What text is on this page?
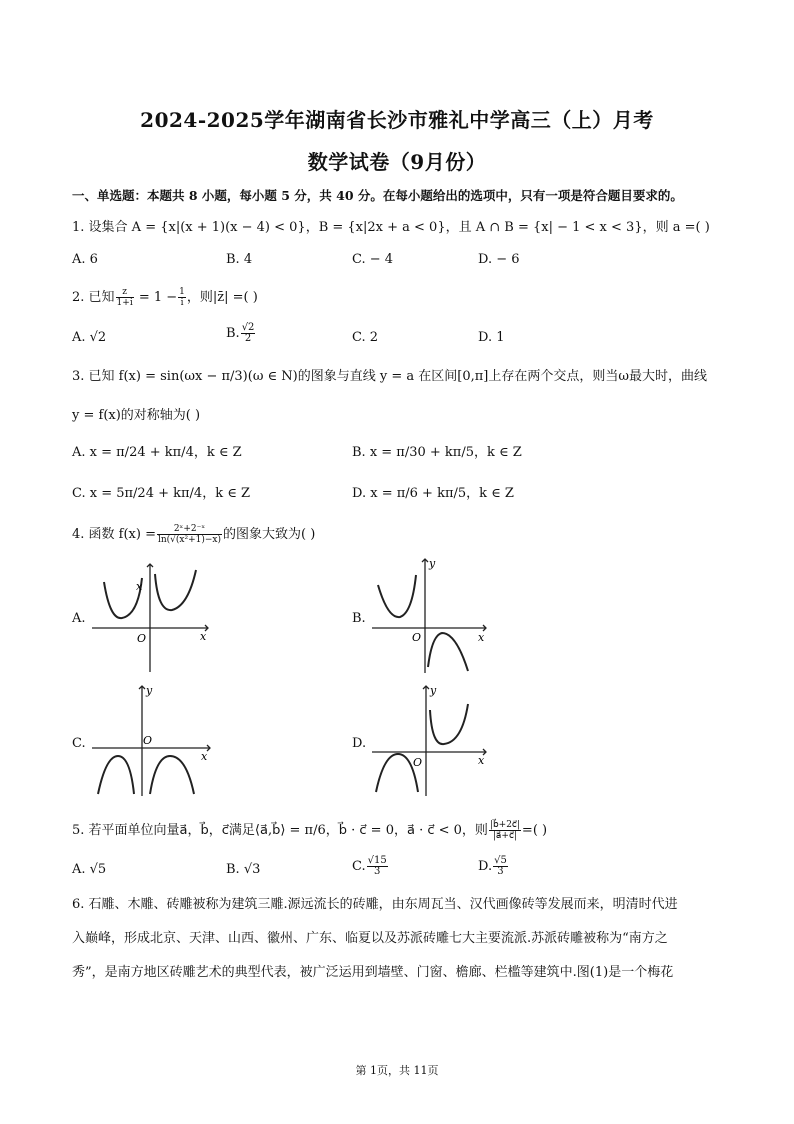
2024-2025学年湖南省长沙市雅礼中学高三（上）月考
数学试卷（9月份）
一、单选题：本题共 8 小题，每小题 5 分，共 40 分。在每小题给出的选项中，只有一项是符合题目要求的。
1. 设集合 A = {x|(x + 1)(x − 4) < 0}，B = {x|2x + a < 0}，且 A ∩ B = {x| − 1 < x < 3}，则 a =( )
A. 6	B. 4	C. − 4	D. − 6
2. 已知 $\frac{z}{1+i} = 1 - \frac{1}{i}$ ，则|z̄| =( )
A. √2	B. $\frac{√2}{2}$	C. 2	D. 1
3. 已知 f(x) = sin(ωx − π/3)(ω ∈ N)的图象与直线 y = a 在区间[0,π]上存在两个交点，则当ω最大时，曲线
y = f(x)的对称轴为( )
A. x = π/24 + kπ/4，k ∈ Z	B. x = π/30 + kπ/5，k ∈ Z
C. x = 5π/24 + kπ/4，k ∈ Z	D. x = π/6 + kπ/5，k ∈ Z
4. 函数 $f(x) = \frac{\text{2ˣ+2⁻ˣ}}{\text{ln(√(x²+1)−x)}}$ 的图象大致为( )
A.	B.
C.	D.
x
O	x
y
O	x
y
O
x
y
O	x
5. 若平面单位向量a⃗，b⃗，c⃗满足⟨a⃗,b⃗⟩ = π/6，b⃗ · c⃗ = 0，a⃗ · c⃗ < 0，则 $\frac{|b⃗+2c⃗|}{|a⃗+c⃗|}$ =( )
A. √5	B. √3	C. $\frac{√15}{3}$	D. $\frac{√5}{3}$
6. 石雕、木雕、砖雕被称为建筑三雕.源远流长的砖雕，由东周瓦当、汉代画像砖等发展而来，明清时代进
入巅峰，形成北京、天津、山西、徽州、广东、临夏以及苏派砖雕七大主要流派.苏派砖雕被称为“南方之
秀”，是南方地区砖雕艺术的典型代表，被广泛运用到墙壁、门窗、檐廊、栏槛等建筑中.图(1)是一个梅花
第 1页，共 11页
